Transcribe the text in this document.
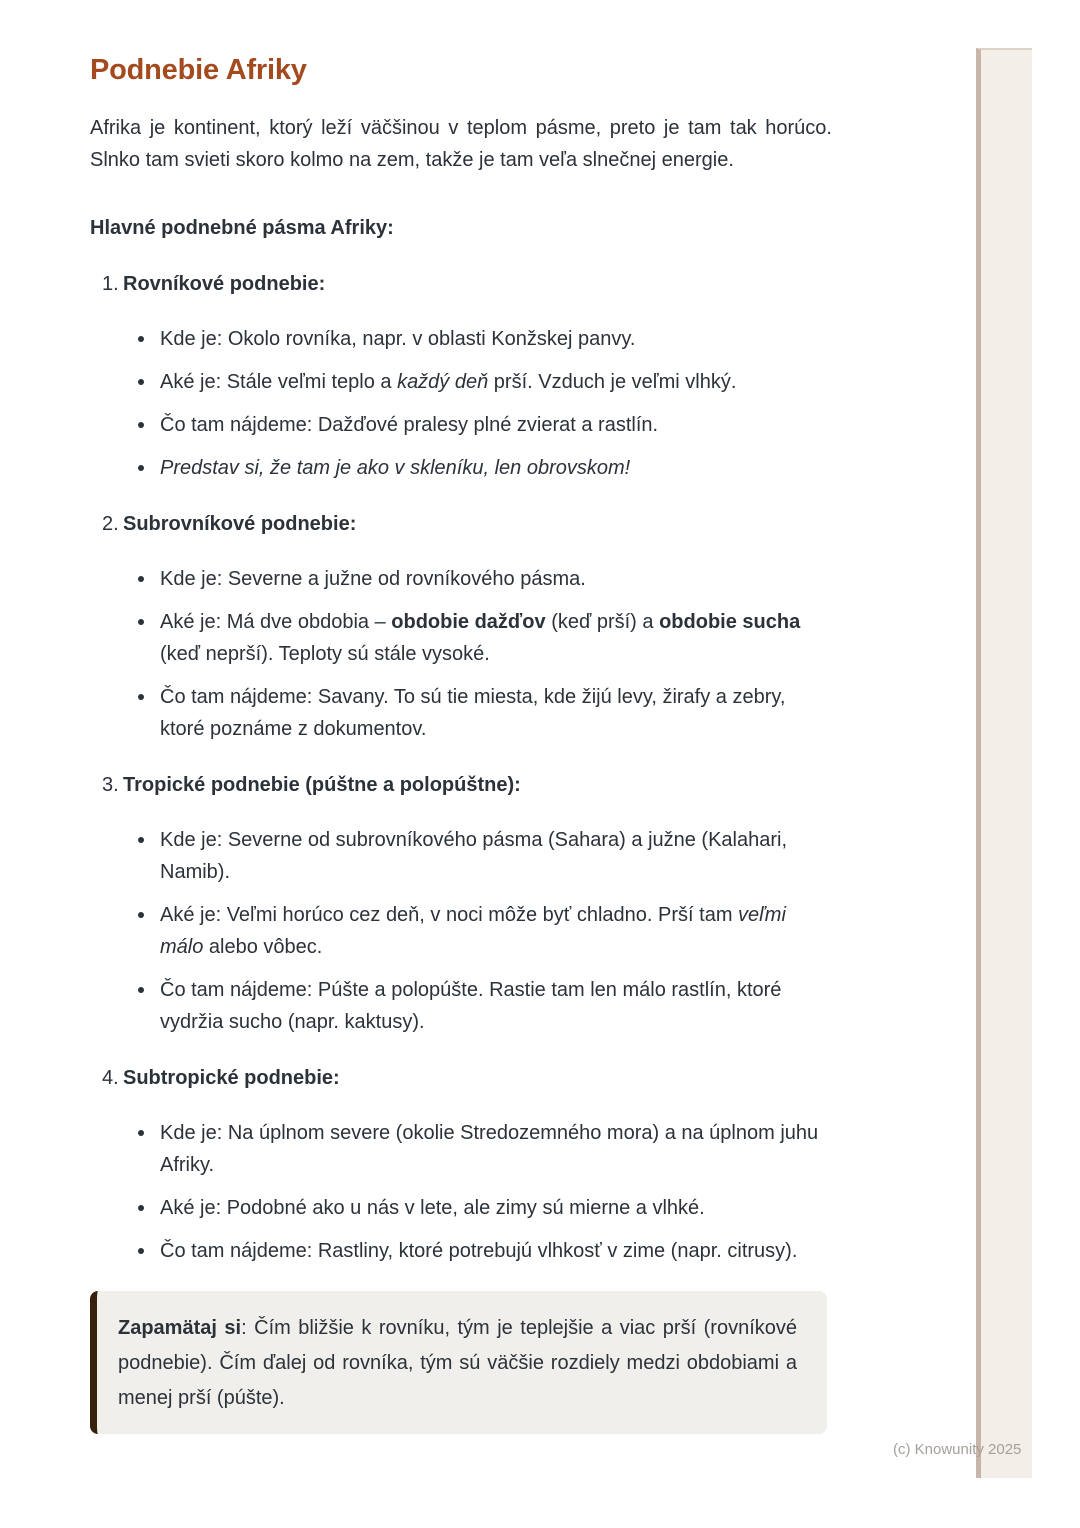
Podnebie Afriky

Afrika je kontinent, ktorý leží väčšinou v teplom pásme, preto je tam tak horúco. Slnko tam svieti skoro kolmo na zem, takže je tam veľa slnečnej energie.

Hlavné podnebné pásma Afriky:
1. Rovníkové podnebie:
Kde je: Okolo rovníka, napr. v oblasti Konžskej panvy.
Aké je: Stále veľmi teplo a každý deň prší. Vzduch je veľmi vlhký.
Čo tam nájdeme: Dažďové pralesy plné zvierat a rastlín.
Predstav si, že tam je ako v skleníku, len obrovskom!
2. Subrovníkové podnebie:
Kde je: Severne a južne od rovníkového pásma.
Aké je: Má dve obdobia – obdobie dažďov (keď prší) a obdobie sucha (keď neprší). Teploty sú stále vysoké.
Čo tam nájdeme: Savany. To sú tie miesta, kde žijú levy, žirafy a zebry, ktoré poznáme z dokumentov.
3. Tropické podnebie (púštne a polopúštne):
Kde je: Severne od subrovníkového pásma (Sahara) a južne (Kalahari, Namib).
Aké je: Veľmi horúco cez deň, v noci môže byť chladno. Prší tam veľmi málo alebo vôbec.
Čo tam nájdeme: Púšte a polopúšte. Rastie tam len málo rastlín, ktoré vydržia sucho (napr. kaktusy).
4. Subtropické podnebie:
Kde je: Na úplnom severe (okolie Stredozemného mora) a na úplnom juhu Afriky.
Aké je: Podobné ako u nás v lete, ale zimy sú mierne a vlhké.
Čo tam nájdeme: Rastliny, ktoré potrebujú vlhkosť v zime (napr. citrusy).

Zapamätaj si: Čím bližšie k rovníku, tým je teplejšie a viac prší (rovníkové podnebie). Čím ďalej od rovníka, tým sú väčšie rozdiely medzi obdobiami a menej prší (púšte).

(c) Knowunity 2025
